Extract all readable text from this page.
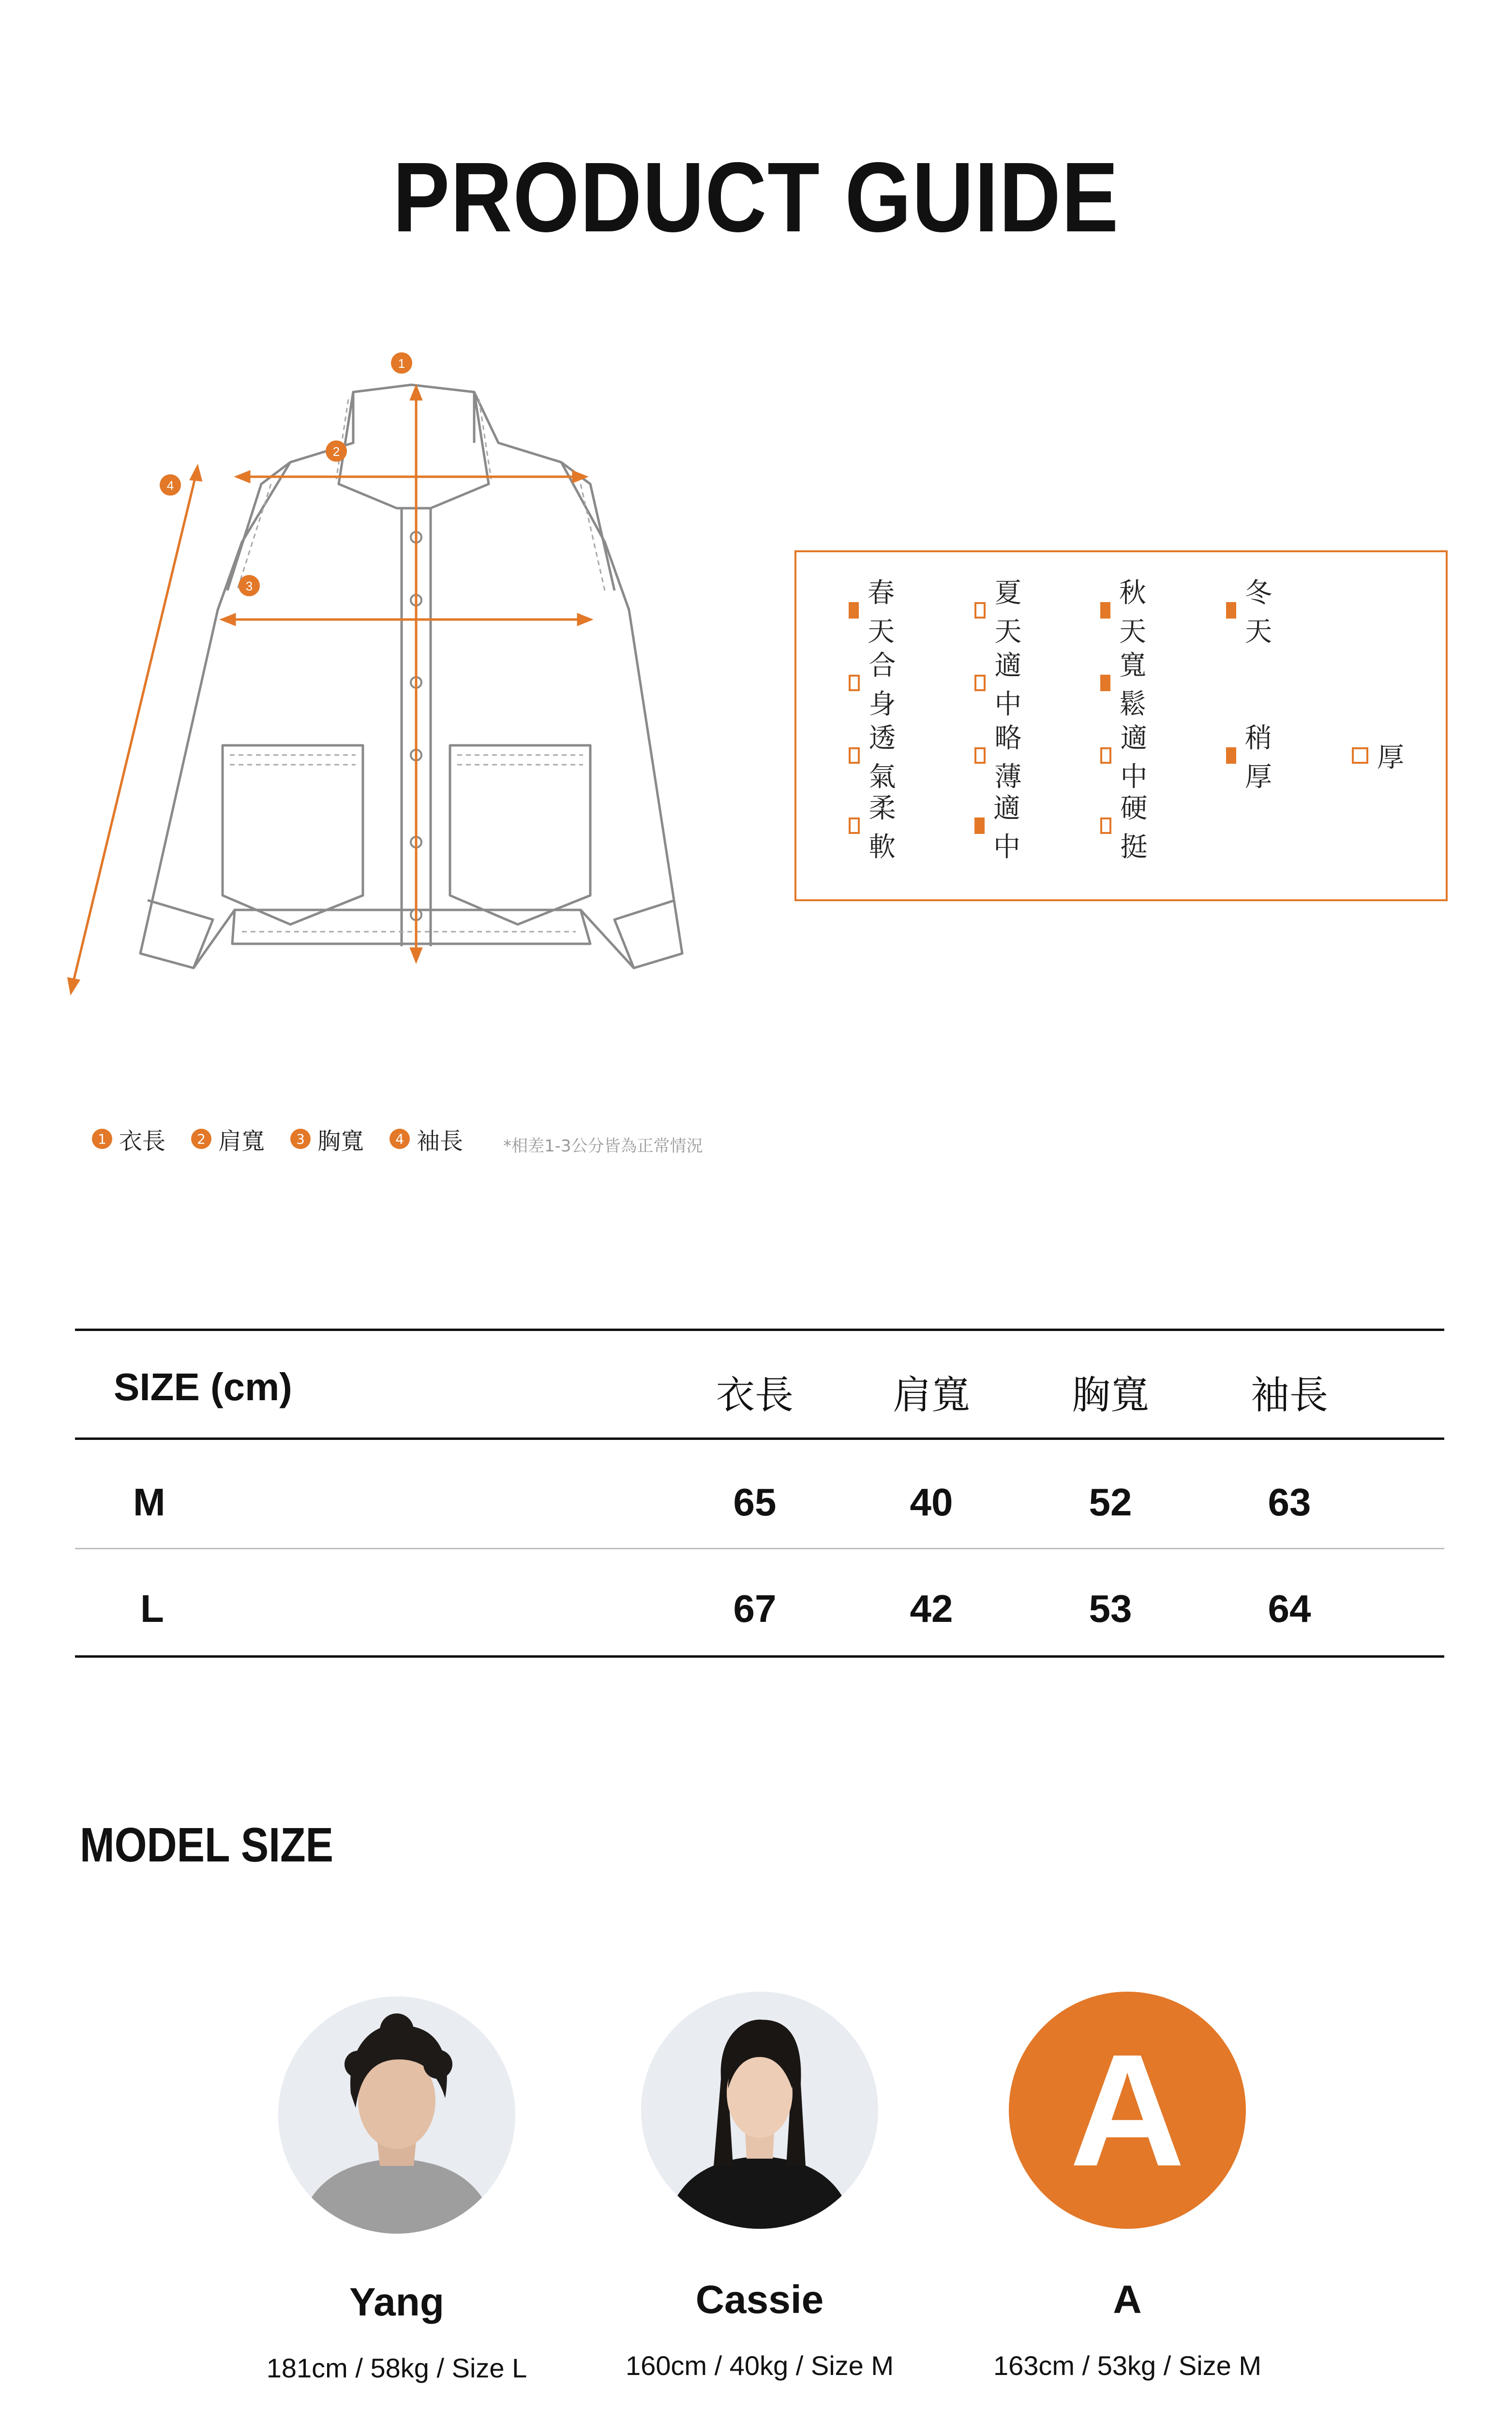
PRODUCT GUIDE
1
2
3
4
春天
夏天
秋天
冬天
合身
適中
寬鬆
透氣
略薄
適中
稍厚
厚
柔軟
適中
硬挺
1 衣長	2 肩寬	3 胸寬	4 袖長 *相差1-3公分皆為正常情況
SIZE (cm)	衣長	肩寬	胸寬	袖長
M	65	40	52	63
L	67	42	53	64
MODEL SIZE
Yang
181cm / 58kg / Size L
Cassie
160cm / 40kg / Size M
A
A
163cm / 53kg / Size M
